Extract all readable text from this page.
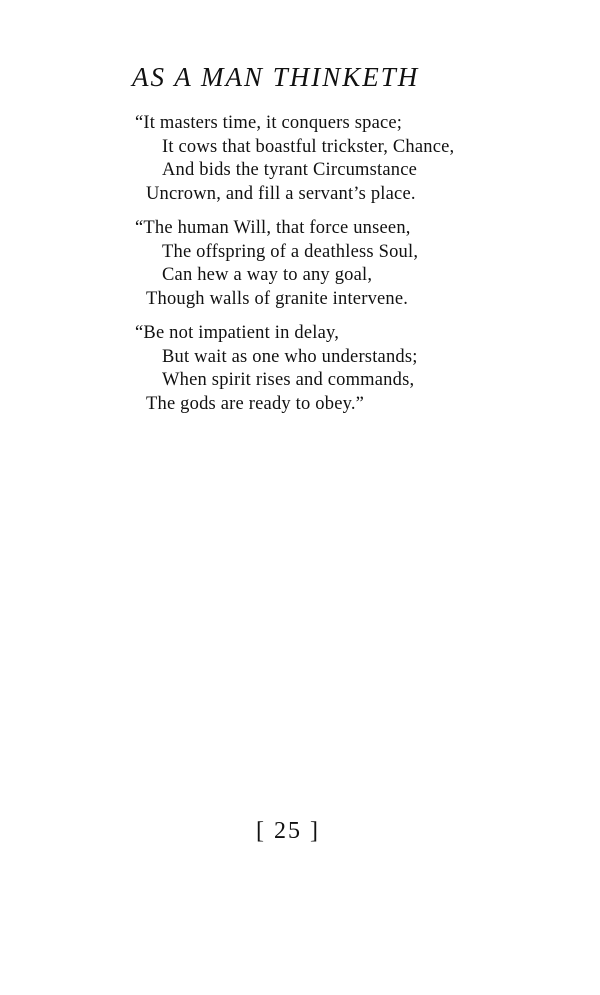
AS A MAN THINKETH
“It masters time, it conquers space;
It cows that boastful trickster, Chance,
And bids the tyrant Circumstance
Uncrown, and fill a servant’s place.
“The human Will, that force unseen,
The offspring of a deathless Soul,
Can hew a way to any goal,
Though walls of granite intervene.
“Be not impatient in delay,
But wait as one who understands;
When spirit rises and commands,
The gods are ready to obey.”
[ 25 ]
